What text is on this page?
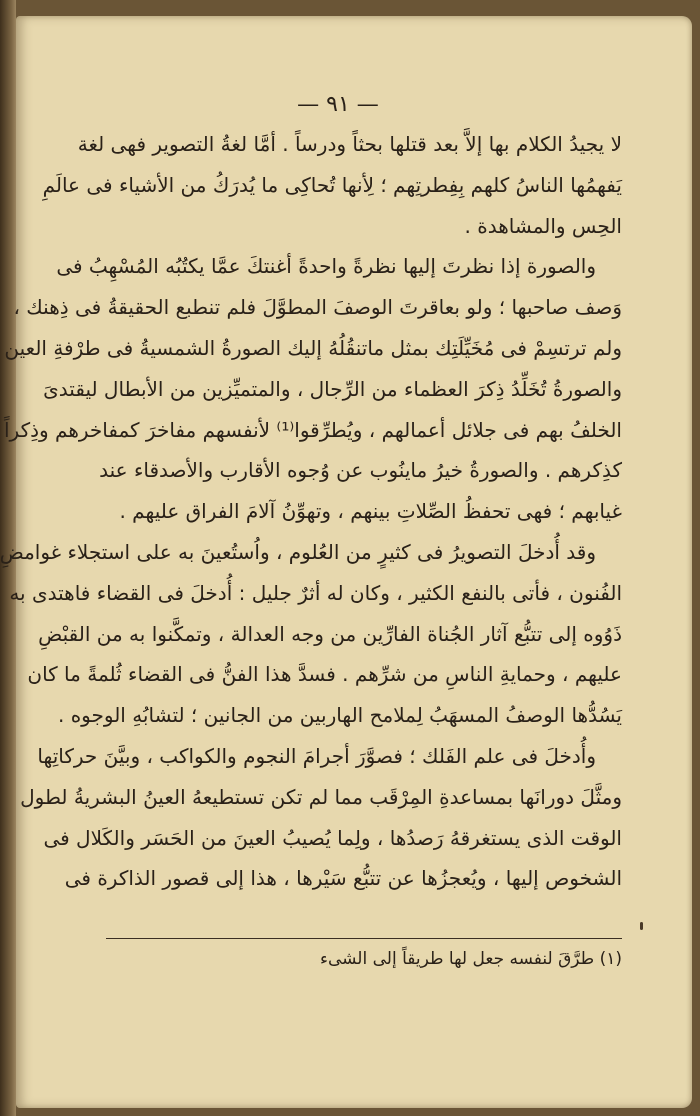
— ٩١ —
لا يجيدُ الكلام بها إلاَّ بعد قتلها بحثاً ودرساً . أمَّا لغةُ التصوير فهى لغة
يَفهمُها الناسُ كلهم بِفِطرتِهم ؛ لِأنها تُحاكِى ما يُدرَكُ من الأشياء فى عالَمِ
الحِس والمشاهدة .
والصورة إذا نظرتَ إليها نظرةً واحدةً أغنتكَ عمَّا يكتُبُه المُسْهِبُ فى
وَصف صاحبها ؛ ولو بعاقرتَ الوصفَ المطوَّلَ فلم تنطبع الحقيقةُ فى ذِهنك ،
ولم ترتسِمْ فى مُخَيِّلَتِك بمثل ماتنقُلُهُ إليك الصورةُ الشمسيةُ فى طرْفةِ العين
والصورةُ تُخَلِّدُ ذِكرَ العظماء من الرِّجال ، والمتميِّزين من الأبطال ليقتدىَ
الخلفُ بهم فى جلائل أعمالهم ، ويُطرِّقوا⁽¹⁾ لأنفسهم مفاخرَ كمفاخرهم وذِكراً
كذِكرهم . والصورةُ خيرُ ماينُوب عن وُجوه الأقارب والأصدقاء عند
غيابهم ؛ فهى تحفظُ الصِّلاتِ بينهم ، وتهوِّنُ آلامَ الفراق عليهم .
وقد أُدخلَ التصويرُ فى كثيرٍ من العُلوم ، واُستُعينَ به على استجلاء غوامضِ
الفُنون ، فأتى بالنفع الكثير ، وكان له أثرٌ جليل : أُدخلَ فى القضاء فاهتدى به
ذَوُوه إلى تتبُّع آثار الجُناة الفارِّين من وجه العدالة ، وتمكَّنوا به من القبْضِ
عليهم ، وحمايةِ الناسِ من شرِّهم . فسدَّ هذا الفنُّ فى القضاء ثُلمةً ما كان
يَسُدُّها الوصفُ المسهَبُ لِملامح الهاربين من الجانين ؛ لتشابُهِ الوجوه .
وأُدخلَ فى علم الفَلك ؛ فصوَّرَ أجرامَ النجوم والكواكب ، وبيَّنَ حركاتِها
ومثَّلَ دورانَها بمساعدةِ المِرْقَب مما لم تكن تستطيعهُ العينُ البشريةُ لطول
الوقت الذى يستغرقهُ رَصدُها ، ولِما يُصيبُ العينَ من الحَسَر والكَلال فى
الشخوص إليها ، ويُعجزُها عن تتبُّع سَيْرها ، هذا إلى قصور الذاكرة فى
(١) طرَّقَ لنفسه جعل لها طريقاً إلى الشىء
